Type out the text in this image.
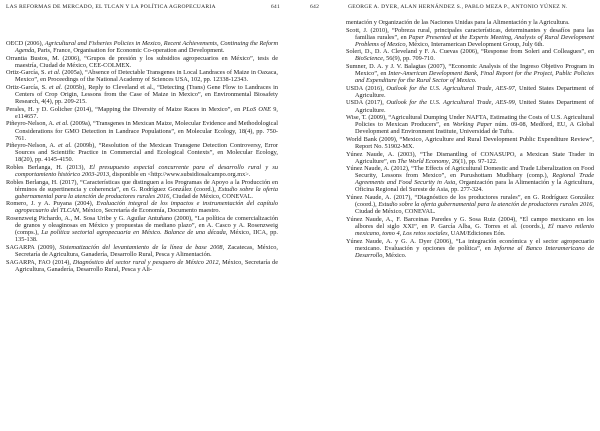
LAS REFORMAS DE MERCADO, EL TLCAN Y LA POLÍTICA AGROPECUARIA	641

OECD (2006), Agricultural and Fisheries Policies in Mexico, Recent Achievements, Continuing the Reform Agenda, Paris, France, Organisation for Economic Co-operation and Development.

Orrantia Bustos, M. (2006), “Grupos de presión y los subsidios agropecuarios en México”, tesis de maestría, Ciudad de México, CEE-COLMEX.

Ortiz-García, S. et al. (2005a), “Absence of Detectable Transgenes in Local Landraces of Maize in Oaxaca, Mexico”, en Proceedings of the National Academy of Sciences USA, 102, pp. 12338-12343.

Ortiz-García, S. et al. (2005b), Reply to Cleveland et al., “Detecting (Trans) Gene Flow to Landraces in Centers of Crop Origin, Lessons from the Case of Maize in Mexico”, en Environmental Biosafety Research, 4(4), pp. 209-215.

Perales, H. y D. Golicher (2014), “Mapping the Diversity of Maize Races in Mexico”, en PLoS ONE 9, e114657.

Piñeyro-Nelson, A. et al. (2009a), “Transgenes in Mexican Maize, Molecular Evidence and Methodological Considerations for GMO Detection in Landrace Populations”, en Molecular Ecology, 18(4), pp. 750-761.

Piñeyro-Nelson, A. et al. (2009b), “Resolution of the Mexican Transgene Detection Controversy, Error Sources and Scientific Practice in Commercial and Ecological Contexts”, en Molecular Ecology, 18(20), pp. 4145-4150.

Robles Berlanga, H. (2013), El presupuesto especial concurrente para el desarrollo rural y su comportamiento histórico 2003-2013, disponible en <http://www.subsidiosalcampo.org.mx>.

Robles Berlanga, H. (2017), “Características que distinguen a los Programas de Apoyo a la Producción en términos de supertinencia y coherencia”, en G. Rodríguez González (coord.), Estudio sobre la oferta gubernamental para la atención de productores rurales 2016, Ciudad de México, CONEVAL.

Romero, J. y A. Puyana (2004), Evaluación integral de los impactos e instrumentación del capítulo agropecuario del TLCAN, México, Secretaría de Economía, Documento maestro.

Rosenzweig Pichardo, A., M. Sosa Uribe y G. Aguilar Antuñano (2000), “La política de comercialización de granos y oleaginosas en México y propuestas de mediano plazo”, en A. Casco y A. Rosenzweig (comps.), La política sectorial agropecuaria en México. Balance de una década, México, IICA, pp. 135-138.

SAGARPA (2009), Sistematización del levantamiento de la línea de base 2008, Zacatecas, México, Secretaría de Agricultura, Ganadería, Desarrollo Rural, Pesca y Alimentación.

SAGARPA, FAO (2014), Diagnóstico del sector rural y pesquero de México 2012, México, Secretaría de Agricultura, Ganadería, Desarrollo Rural, Pesca y Ali-

642	GEORGE A. DYER, ALAN HERNÁNDEZ S., PABLO MEZA P., ANTONIO YÚNEZ N.

mentación y Organización de las Naciones Unidas para la Alimentación y la Agricultura.

Scott, J. (2010), “Pobreza rural, principales características, determinantes y desafíos para las familias rurales”, en Paper Presented at the Experts Meeting, Analysis of Rural Development Problems of Mexico, México, Interamerican Development Group, July 6th.

Soleri, D., D. A. Cleveland y F. A. Cuevas (2006), “Response from Soleri and Colleagues”, en BioScience, 56(9), pp. 709-710.

Sumner, D. A. y J. V. Balagtas (2007), “Economic Analysis of the Ingreso Objetivo Program in Mexico”, en Inter-American Development Bank, Final Report for the Project, Public Policies and Expenditure for the Rural Sector of Mexico.

USDA (2016), Outlook for the U.S. Agricultural Trade, AES-97, United States Department of Agriculture.

USDA (2017), Outlook for the U.S. Agricultural Trade, AES-99, United States Department of Agriculture.

Wise, T. (2009), “Agricultural Dumping Under NAFTA, Estimating the Costs of U.S. Agricultural Policies to Mexican Producers”, en Working Paper núm. 09-08, Medford, EU, A Global Development and Environment Institute, Universidad de Tufts.

World Bank (2009), “Mexico, Agriculture and Rural Development Public Expenditure Review”, Report No. 51902-MX.

Yúnez Naude, A. (2003), “The Dismantling of CONASUPO, a Mexican State Trader in Agriculture”, en The World Economy, 26(1), pp. 97-122.

Yúnez Naude, A. (2012), “The Effects of Agricultural Domestic and Trade Liberalization on Food Security, Lessons from Mexico”, en Purushottam Mudbhary (comp.), Regional Trade Agreements and Food Security in Asia, Organización para la Alimentación y la Agricultura, Oficina Regional del Sureste de Asia, pp. 277-324.

Yúnez Naude, A. (2017), “Diagnóstico de los productores rurales”, en G. Rodríguez González (coord.), Estudio sobre la oferta gubernamental para la atención de productores rurales 2016, Ciudad de México, CONEVAL.

Yúnez Naude, A., F. Barceinas Paredes y G. Sosa Ruiz (2004), “El campo mexicano en los albores del siglo XXI”, en P. García Alba, G. Torres et al. (coords.), El nuevo milenio mexicano, tomo 4, Los retos sociales, UAM/Ediciones Eón.

Yúnez Naude, A. y G. A. Dyer (2006), “La integración económica y el sector agropecuario mexicano. Evaluación y opciones de política”, en Informe al Banco Interamericano de Desarrollo, México.
